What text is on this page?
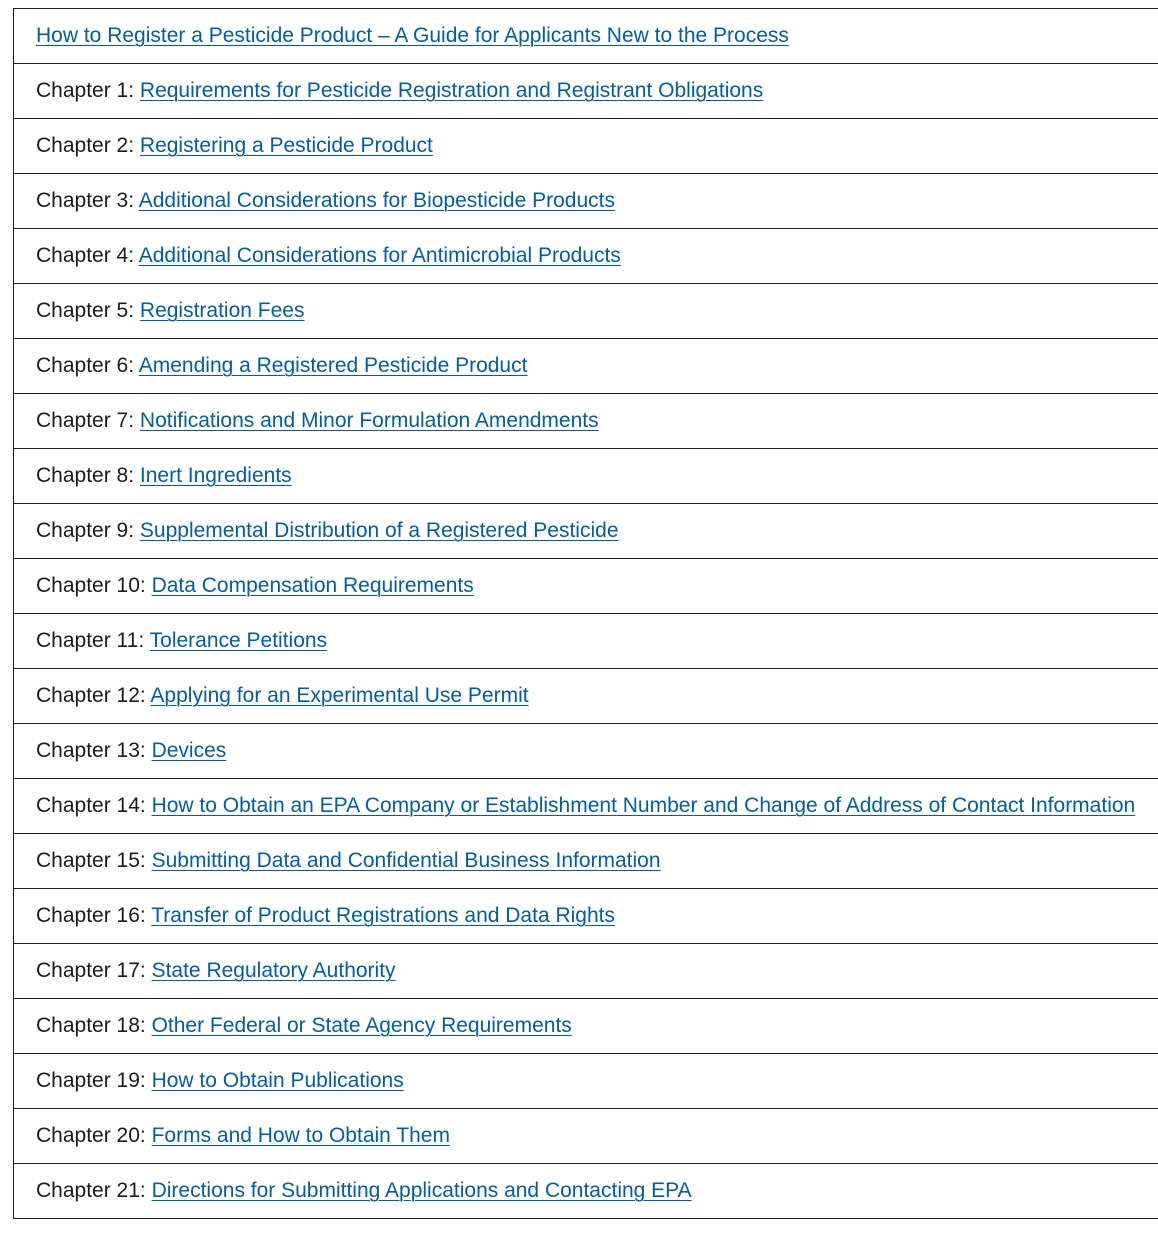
How to Register a Pesticide Product – A Guide for Applicants New to the Process
Chapter 1: Requirements for Pesticide Registration and Registrant Obligations
Chapter 2: Registering a Pesticide Product
Chapter 3: Additional Considerations for Biopesticide Products
Chapter 4: Additional Considerations for Antimicrobial Products
Chapter 5: Registration Fees
Chapter 6: Amending a Registered Pesticide Product
Chapter 7: Notifications and Minor Formulation Amendments
Chapter 8: Inert Ingredients
Chapter 9: Supplemental Distribution of a Registered Pesticide
Chapter 10: Data Compensation Requirements
Chapter 11: Tolerance Petitions
Chapter 12: Applying for an Experimental Use Permit
Chapter 13: Devices
Chapter 14: How to Obtain an EPA Company or Establishment Number and Change of Address of Contact Information
Chapter 15: Submitting Data and Confidential Business Information
Chapter 16: Transfer of Product Registrations and Data Rights
Chapter 17: State Regulatory Authority
Chapter 18: Other Federal or State Agency Requirements
Chapter 19: How to Obtain Publications
Chapter 20: Forms and How to Obtain Them
Chapter 21: Directions for Submitting Applications and Contacting EPA
